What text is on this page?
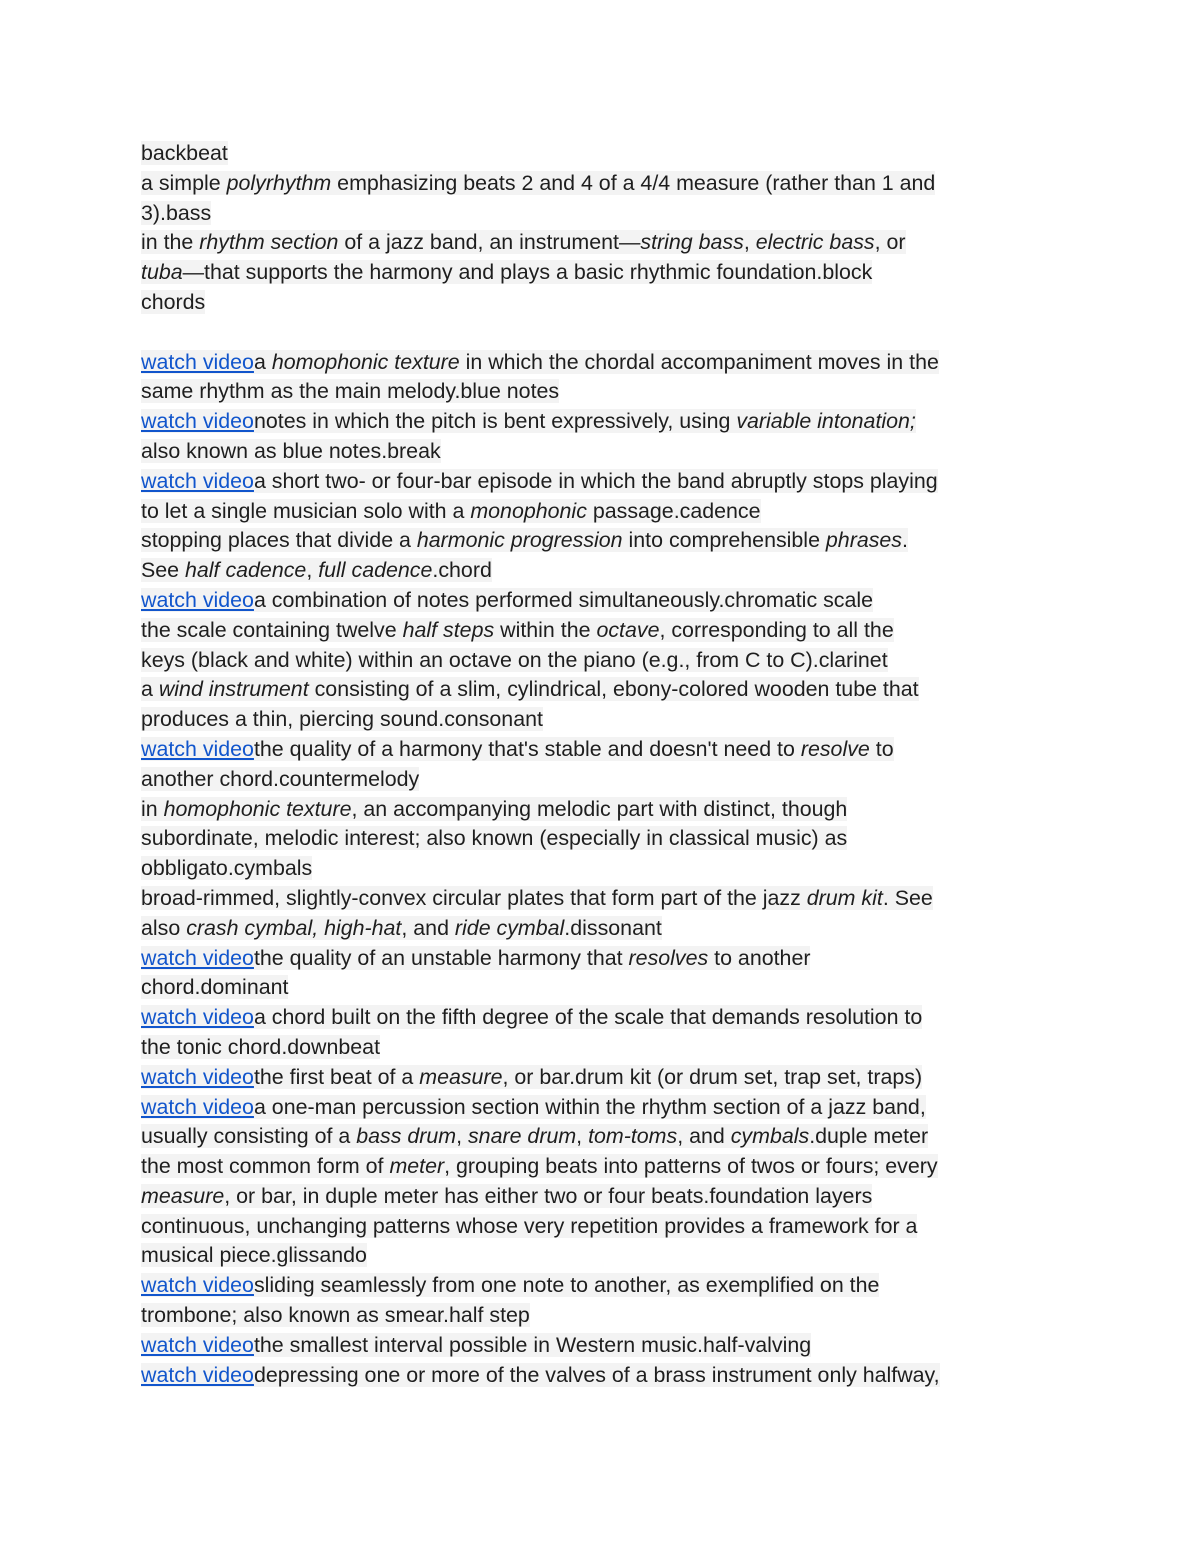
backbeat
a simple polyrhythm emphasizing beats 2 and 4 of a 4/4 measure (rather than 1 and
3).bass
in the rhythm section of a jazz band, an instrument—string bass, electric bass, or
tuba—that supports the harmony and plays a basic rhythmic foundation.block
chords
watch videoa homophonic texture in which the chordal accompaniment moves in the
same rhythm as the main melody.blue notes
watch videonotes in which the pitch is bent expressively, using variable intonation;
also known as blue notes.break
watch videoa short two- or four-bar episode in which the band abruptly stops playing
to let a single musician solo with a monophonic passage.cadence
stopping places that divide a harmonic progression into comprehensible phrases.
See half cadence, full cadence.chord
watch videoa combination of notes performed simultaneously.chromatic scale
the scale containing twelve half steps within the octave, corresponding to all the
keys (black and white) within an octave on the piano (e.g., from C to C).clarinet
a wind instrument consisting of a slim, cylindrical, ebony-colored wooden tube that
produces a thin, piercing sound.consonant
watch videothe quality of a harmony that's stable and doesn't need to resolve to
another chord.countermelody
in homophonic texture, an accompanying melodic part with distinct, though
subordinate, melodic interest; also known (especially in classical music) as
obbligato.cymbals
broad-rimmed, slightly-convex circular plates that form part of the jazz drum kit. See
also crash cymbal, high-hat, and ride cymbal.dissonant
watch videothe quality of an unstable harmony that resolves to another
chord.dominant
watch videoa chord built on the fifth degree of the scale that demands resolution to
the tonic chord.downbeat
watch videothe first beat of a measure, or bar.drum kit (or drum set, trap set, traps)
watch videoa one-man percussion section within the rhythm section of a jazz band,
usually consisting of a bass drum, snare drum, tom-toms, and cymbals.duple meter
the most common form of meter, grouping beats into patterns of twos or fours; every
measure, or bar, in duple meter has either two or four beats.foundation layers
continuous, unchanging patterns whose very repetition provides a framework for a
musical piece.glissando
watch videosliding seamlessly from one note to another, as exemplified on the
trombone; also known as smear.half step
watch videothe smallest interval possible in Western music.half-valving
watch videodepressing one or more of the valves of a brass instrument only halfway,
